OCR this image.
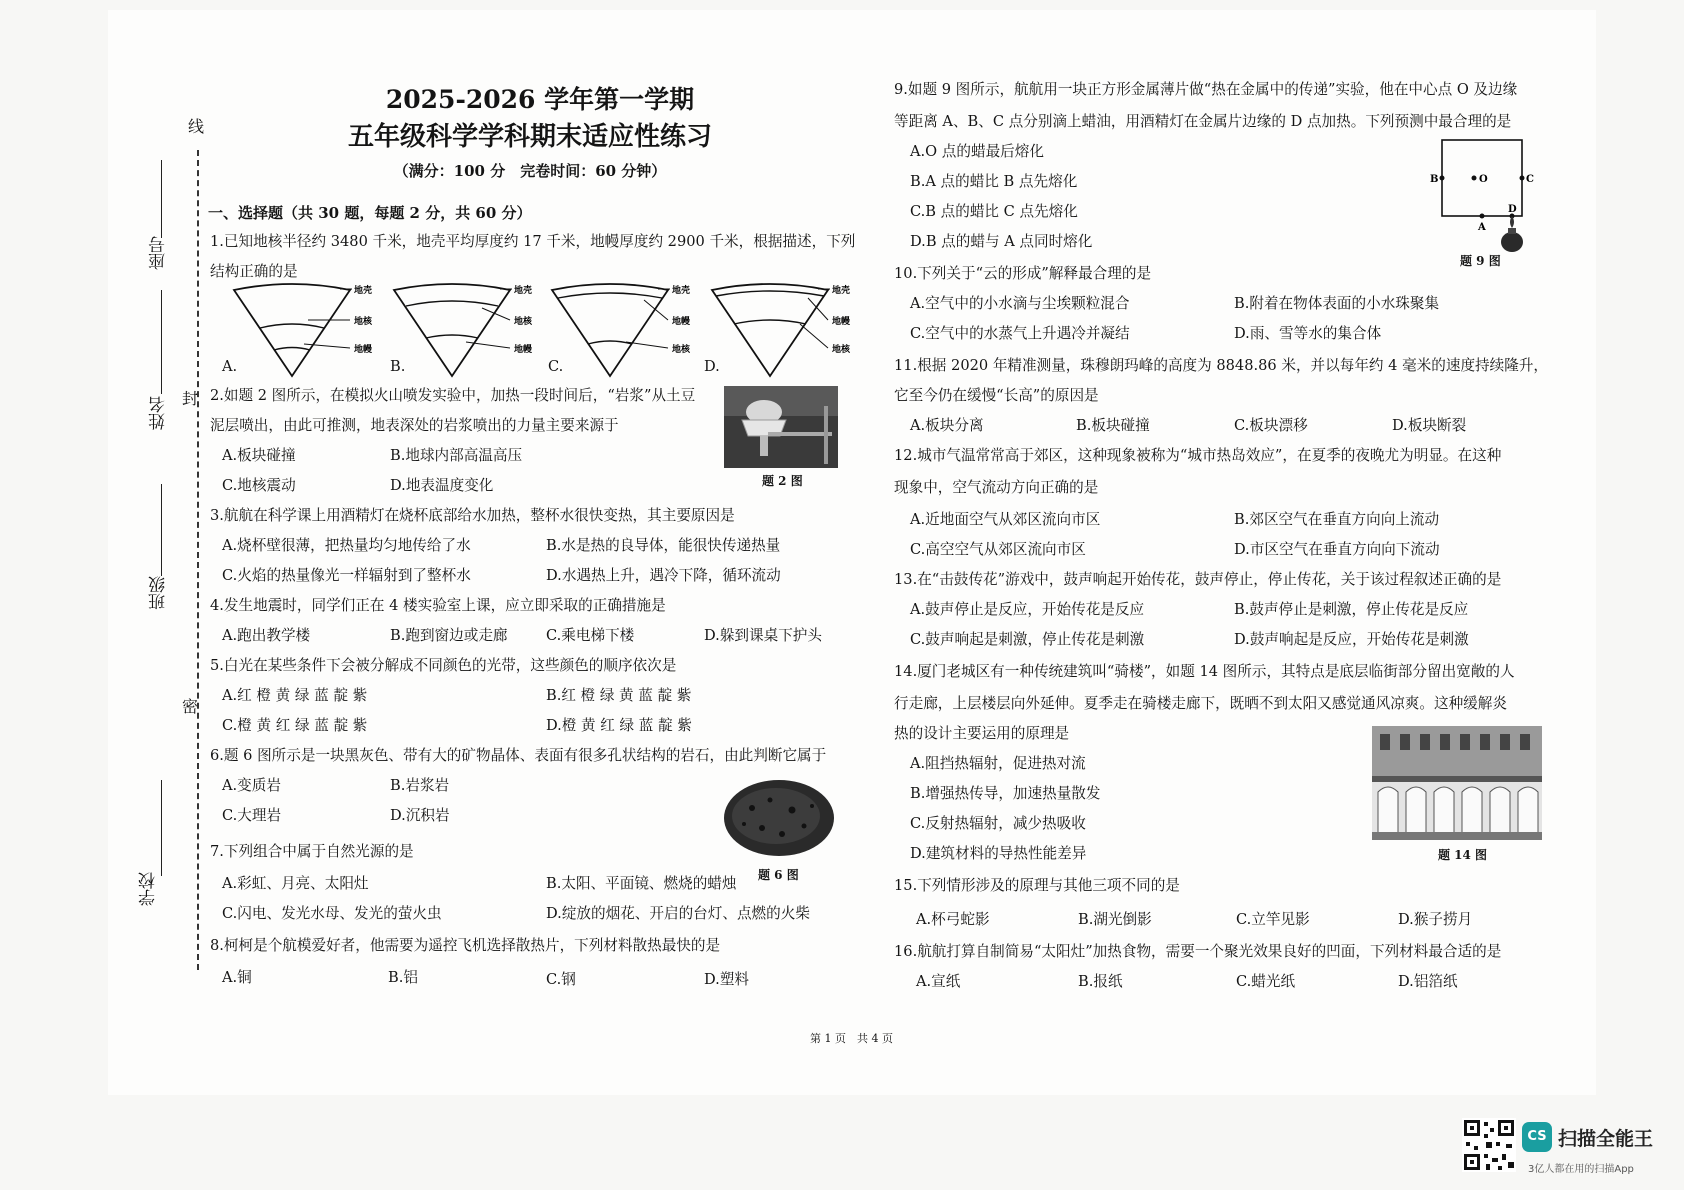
线
封
密
座号
姓名
班级
学校
2025-2026 学年第一学期
五年级科学学科期末适应性练习
（满分：100 分　完卷时间：60 分钟）
一、选择题（共 30 题，每题 2 分，共 60 分）
1.已知地核半径约 3480 千米，地壳平均厚度约 17 千米，地幔厚度约 2900 千米，根据描述，下列
结构正确的是
地壳
地核
地幔
地壳
地核
地幔
地壳
地幔
地核
地壳
地幔
地核
A.	B.	C.	D.
2.如题 2 图所示，在模拟火山喷发实验中，加热一段时间后，“岩浆”从土豆
泥层喷出，由此可推测，地表深处的岩浆喷出的力量主要来源于
A.板块碰撞	B.地球内部高温高压
C.地核震动	D.地表温度变化	题 2 图
3.航航在科学课上用酒精灯在烧杯底部给水加热，整杯水很快变热，其主要原因是
A.烧杯壁很薄，把热量均匀地传给了水	B.水是热的良导体，能很快传递热量
C.火焰的热量像光一样辐射到了整杯水	D.水遇热上升，遇冷下降，循环流动
4.发生地震时，同学们正在 4 楼实验室上课，应立即采取的正确措施是
A.跑出教学楼	B.跑到窗边或走廊	C.乘电梯下楼	D.躲到课桌下护头
5.白光在某些条件下会被分解成不同颜色的光带，这些颜色的顺序依次是
A.红 橙 黄 绿 蓝 靛 紫	B.红 橙 绿 黄 蓝 靛 紫
C.橙 黄 红 绿 蓝 靛 紫	D.橙 黄 红 绿 蓝 靛 紫
6.题 6 图所示是一块黑灰色、带有大的矿物晶体、表面有很多孔状结构的岩石，由此判断它属于
A.变质岩	B.岩浆岩
C.大理岩	D.沉积岩
题 6 图
7.下列组合中属于自然光源的是
A.彩虹、月亮、太阳灶	B.太阳、平面镜、燃烧的蜡烛
C.闪电、发光水母、发光的萤火虫	D.绽放的烟花、开启的台灯、点燃的火柴
8.柯柯是个航模爱好者，他需要为遥控飞机选择散热片，下列材料散热最快的是
A.铜	B.铝	C.钢	D.塑料
9.如题 9 图所示，航航用一块正方形金属薄片做“热在金属中的传递”实验，他在中心点 O 及边缘
等距离 A、B、C 点分别滴上蜡油，用酒精灯在金属片边缘的 D 点加热。下列预测中最合理的是
A.O 点的蜡最后熔化
B.A 点的蜡比 B 点先熔化
C.B 点的蜡比 C 点先熔化
D.B 点的蜡与 A 点同时熔化
B	O	C
D
A
题 9 图
10.下列关于“云的形成”解释最合理的是
A.空气中的小水滴与尘埃颗粒混合	B.附着在物体表面的小水珠聚集
C.空气中的水蒸气上升遇冷并凝结	D.雨、雪等水的集合体
11.根据 2020 年精准测量，珠穆朗玛峰的高度为 8848.86 米，并以每年约 4 毫米的速度持续隆升，
它至今仍在缓慢“长高”的原因是
A.板块分离	B.板块碰撞	C.板块漂移	D.板块断裂
12.城市气温常常高于郊区，这种现象被称为“城市热岛效应”，在夏季的夜晚尤为明显。在这种
现象中，空气流动方向正确的是
A.近地面空气从郊区流向市区	B.郊区空气在垂直方向向上流动
C.高空空气从郊区流向市区	D.市区空气在垂直方向向下流动
13.在“击鼓传花”游戏中，鼓声响起开始传花，鼓声停止，停止传花，关于该过程叙述正确的是
A.鼓声停止是反应，开始传花是反应	B.鼓声停止是刺激，停止传花是反应
C.鼓声响起是刺激，停止传花是刺激	D.鼓声响起是反应，开始传花是刺激
14.厦门老城区有一种传统建筑叫“骑楼”，如题 14 图所示，其特点是底层临街部分留出宽敞的人
行走廊，上层楼层向外延伸。夏季走在骑楼走廊下，既晒不到太阳又感觉通风凉爽。这种缓解炎
热的设计主要运用的原理是
A.阻挡热辐射，促进热对流
B.增强热传导，加速热量散发
C.反射热辐射，减少热吸收
D.建筑材料的导热性能差异	题 14 图
15.下列情形涉及的原理与其他三项不同的是
A.杯弓蛇影	B.湖光倒影	C.立竿见影	D.猴子捞月
16.航航打算自制简易“太阳灶”加热食物，需要一个聚光效果良好的凹面，下列材料最合适的是
A.宣纸	B.报纸	C.蜡光纸	D.铝箔纸
第 1 页　共 4 页
CS 扫描全能王
3亿人都在用的扫描App
